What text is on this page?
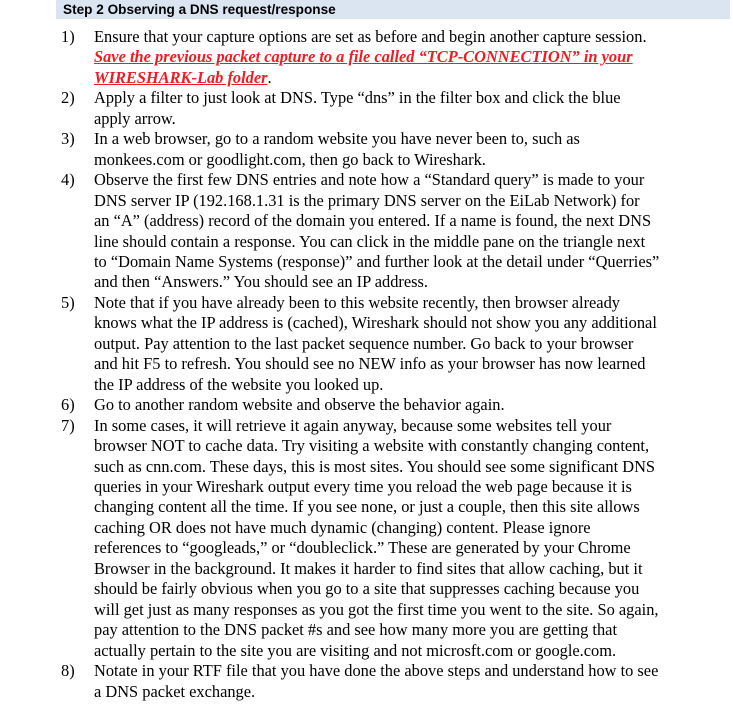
Step 2 Observing a DNS request/response
1) Ensure that your capture options are set as before and begin another capture session.
Save the previous packet capture to a file called “TCP-CONNECTION” in your
WIRESHARK-Lab folder.
2) Apply a filter to just look at DNS. Type “dns” in the filter box and click the blue
apply arrow.
3) In a web browser, go to a random website you have never been to, such as
monkees.com or goodlight.com, then go back to Wireshark.
4) Observe the first few DNS entries and note how a “Standard query” is made to your
DNS server IP (192.168.1.31 is the primary DNS server on the EiLab Network) for
an “A” (address) record of the domain you entered. If a name is found, the next DNS
line should contain a response. You can click in the middle pane on the triangle next
to “Domain Name Systems (response)” and further look at the detail under “Querries”
and then “Answers.” You should see an IP address.
5) Note that if you have already been to this website recently, then browser already
knows what the IP address is (cached), Wireshark should not show you any additional
output. Pay attention to the last packet sequence number. Go back to your browser
and hit F5 to refresh. You should see no NEW info as your browser has now learned
the IP address of the website you looked up.
6) Go to another random website and observe the behavior again.
7) In some cases, it will retrieve it again anyway, because some websites tell your
browser NOT to cache data. Try visiting a website with constantly changing content,
such as cnn.com. These days, this is most sites. You should see some significant DNS
queries in your Wireshark output every time you reload the web page because it is
changing content all the time. If you see none, or just a couple, then this site allows
caching OR does not have much dynamic (changing) content. Please ignore
references to “googleads,” or “doubleclick.” These are generated by your Chrome
Browser in the background. It makes it harder to find sites that allow caching, but it
should be fairly obvious when you go to a site that suppresses caching because you
will get just as many responses as you got the first time you went to the site. So again,
pay attention to the DNS packet #s and see how many more you are getting that
actually pertain to the site you are visiting and not microsft.com or google.com.
8) Notate in your RTF file that you have done the above steps and understand how to see
a DNS packet exchange.
